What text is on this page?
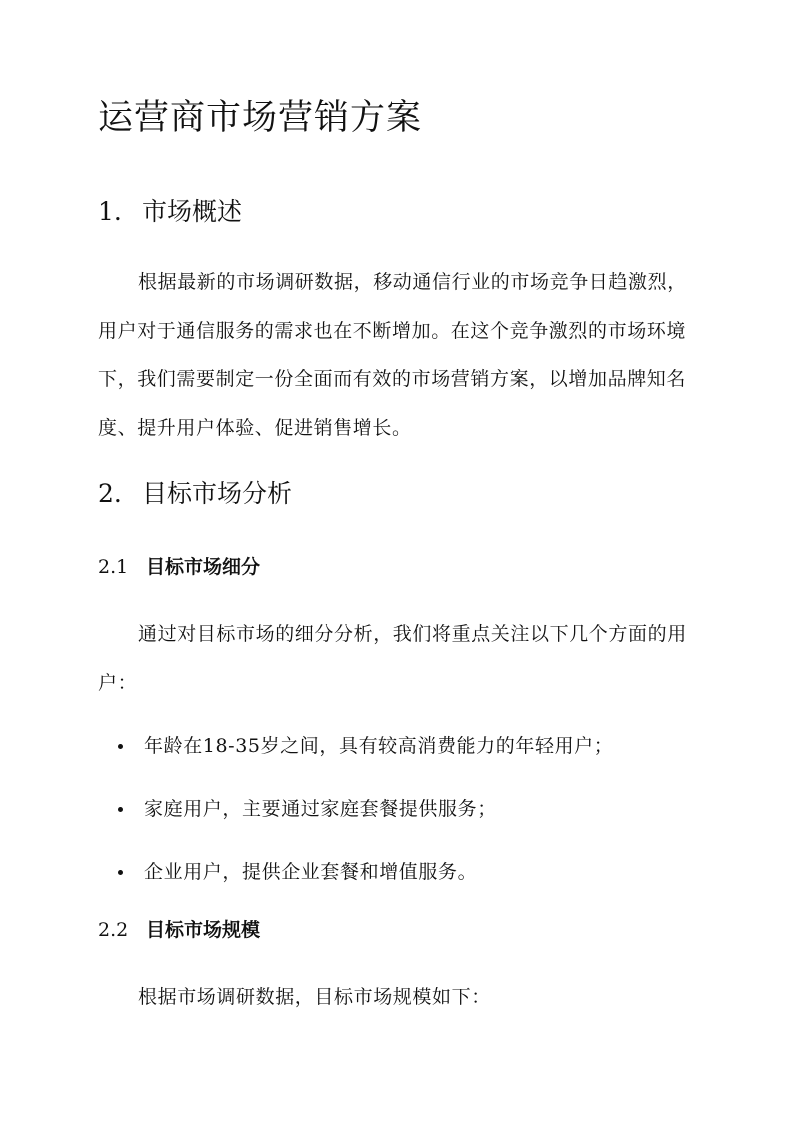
运营商市场营销方案
1. 市场概述

根据最新的市场调研数据，移动通信行业的市场竞争日趋激烈，用户对于通信服务的需求也在不断增加。在这个竞争激烈的市场环境下，我们需要制定一份全面而有效的市场营销方案，以增加品牌知名度、提升用户体验、促进销售增长。

2. 目标市场分析
2.1 目标市场细分

通过对目标市场的细分分析，我们将重点关注以下几个方面的用户：

年龄在18-35岁之间，具有较高消费能力的年轻用户；
家庭用户，主要通过家庭套餐提供服务；
企业用户，提供企业套餐和增值服务。
2.2 目标市场规模

根据市场调研数据，目标市场规模如下：
